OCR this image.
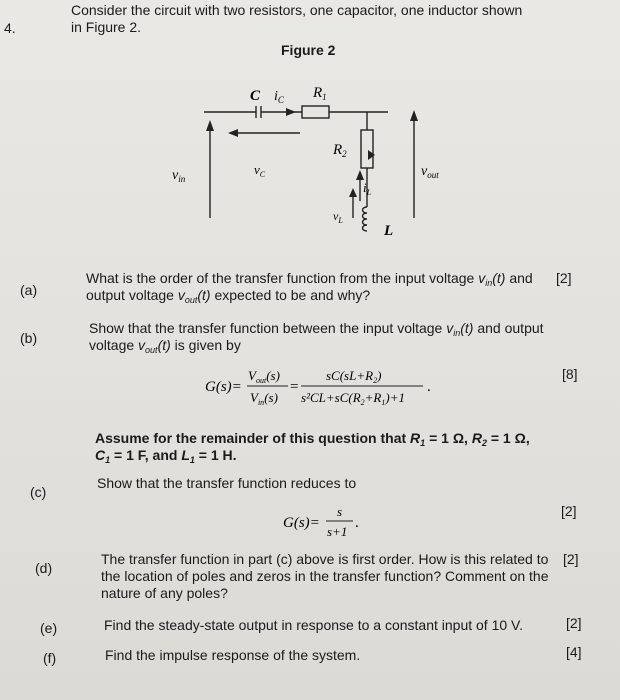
4.
Consider the circuit with two resistors, one capacitor, one inductor shown
in Figure 2.
Figure 2
C $i_C$ $R_1$
$R_2$
$v_C$
$v_{in}$	$v_{out}$
$i_L$
$v_L$
L
(a)
What is the order of the transfer function from the input voltage $v_{in}(t)$ and
output voltage $v_{out}(t)$ expected to be and why?
[2]
(b)
Show that the transfer function between the input voltage $v_{in}(t)$ and output
voltage $v_{out}(t)$ is given by
[8]
G(s)=
$V_{out}(s)$
$V_{in}(s)$
=
$sC(sL+R_2)$
$s^2CL+sC(R_2+R_1)+1$
.
Assume for the remainder of this question that $R_1 = 1$ Ω, $R_2 = 1$ Ω,
$C_1 = 1$ F, and $L_1 = 1$ H.
(c)
Show that the transfer function reduces to
[2]
G(s)=
s
s+1
.
(d)
The transfer function in part (c) above is first order. How is this related to
the location of poles and zeros in the transfer function? Comment on the
nature of any poles?
[2]
(e)	Find the steady-state output in response to a constant input of 10 V.	[2]
(f)	Find the impulse response of the system.	[4]
